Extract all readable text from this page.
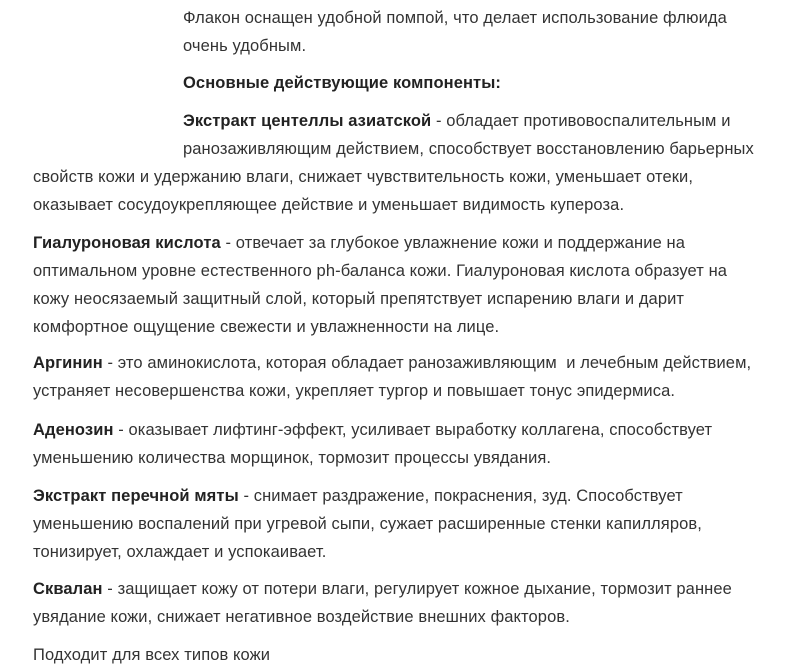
Флакон оснащен удобной помпой, что делает использование флюида
очень удобным.
Основные действующие компоненты:
Экстракт центеллы азиатской - обладает противовоспалительным и
ранозаживляющим действием, способствует восстановлению барьерных
свойств кожи и удержанию влаги, снижает чувствительность кожи, уменьшает отеки,
оказывает сосудоукрепляющее действие и уменьшает видимость купероза.
Гиалуроновая кислота - отвечает за глубокое увлажнение кожи и поддержание на
оптимальном уровне естественного ph-баланса кожи. Гиалуроновая кислота образует на
кожу неосязаемый защитный слой, который препятствует испарению влаги и дарит
комфортное ощущение свежести и увлажненности на лице.
Аргинин - это аминокислота, которая обладает ранозаживляющим  и лечебным действием,
устраняет несовершенства кожи, укрепляет тургор и повышает тонус эпидермиса.
Аденозин - оказывает лифтинг-эффект, усиливает выработку коллагена, способствует
уменьшению количества морщинок, тормозит процессы увядания.
Экстракт перечной мяты - снимает раздражение, покраснения, зуд. Способствует
уменьшению воспалений при угревой сыпи, сужает расширенные стенки капилляров,
тонизирует, охлаждает и успокаивает.
Сквалан - защищает кожу от потери влаги, регулирует кожное дыхание, тормозит раннее
увядание кожи, снижает негативное воздействие внешних факторов.
Подходит для всех типов кожи
